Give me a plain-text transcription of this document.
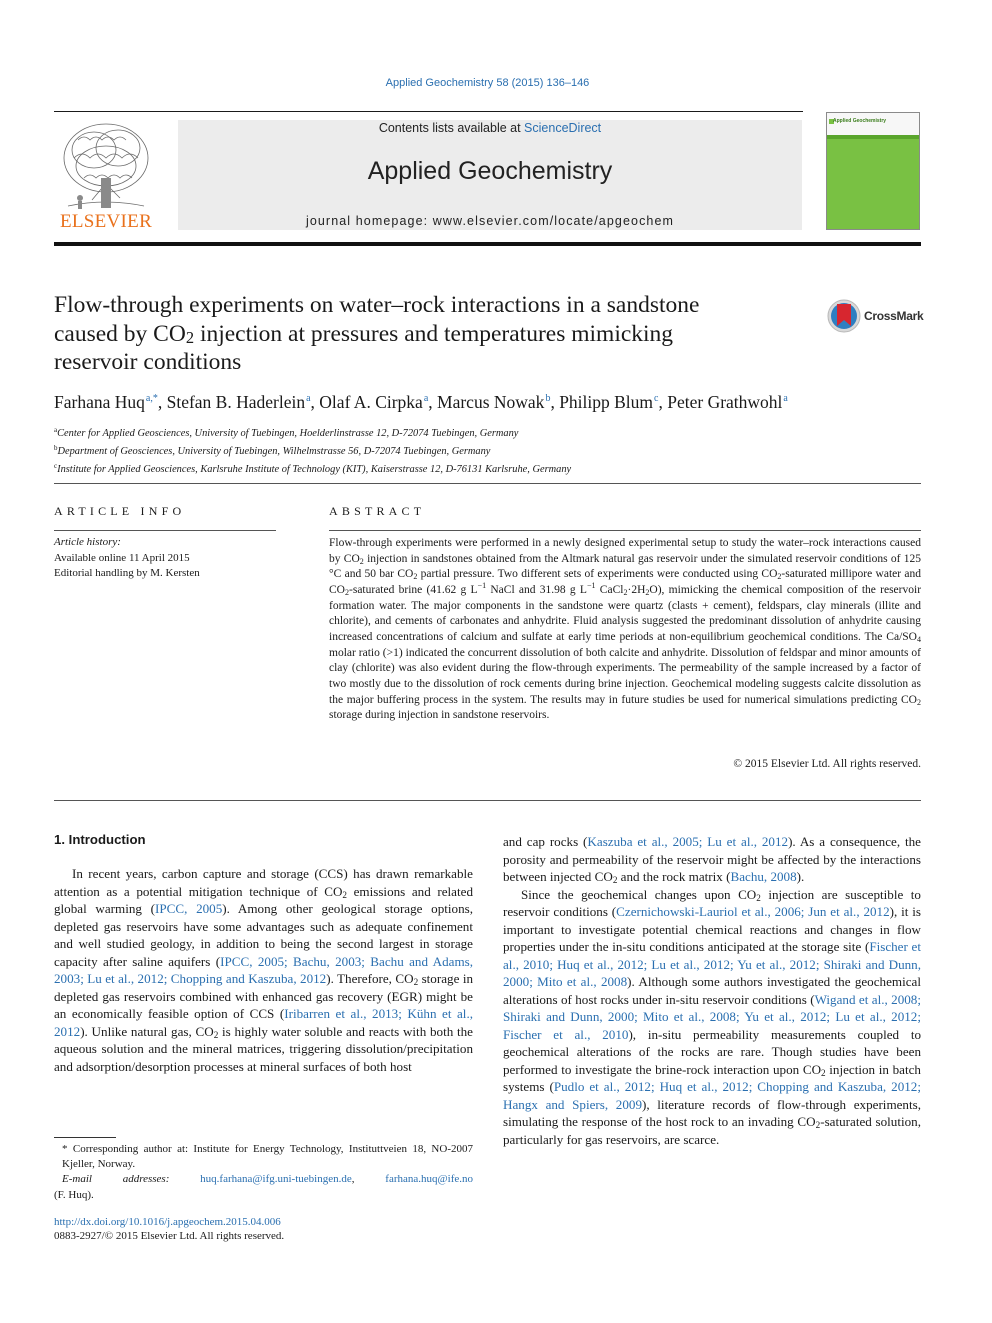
Applied Geochemistry 58 (2015) 136–146
ELSEVIER
Contents lists available at ScienceDirect
Applied Geochemistry
journal homepage: www.elsevier.com/locate/apgeochem
Applied Geochemistry
Flow-through experiments on water–rock interactions in a sandstone
caused by $CO_2$ injection at pressures and temperatures mimicking
reservoir conditions
CrossMark
Farhana Huq$^{a,*}$, Stefan B. Haderlein$^a$, Olaf A. Cirpka$^a$, Marcus Nowak$^b$, Philipp Blum$^c$, Peter Grathwohl$^a$
$^a$Center for Applied Geosciences, University of Tuebingen, Hoelderlinstrasse 12, D-72074 Tuebingen, Germany
$^b$Department of Geosciences, University of Tuebingen, Wilhelmstrasse 56, D-72074 Tuebingen, Germany
$^c$Institute for Applied Geosciences, Karlsruhe Institute of Technology (KIT), Kaiserstrasse 12, D-76131 Karlsruhe, Germany
ARTICLE INFO
Article history:
Available online 11 April 2015
Editorial handling by M. Kersten
ABSTRACT
Flow-through experiments were performed in a newly designed experimental setup to study the water–rock interactions caused by $CO_2$ injection in sandstones obtained from the Altmark natural gas reservoir under the simulated reservoir conditions of 125 °C and 50 bar $CO_2$ partial pressure. Two different sets of experiments were conducted using $CO_2$-saturated millipore water and $CO_2$-saturated brine (41.62 g $L^{-1}$ NaCl and 31.98 g $L^{-1}$ $CaCl_2\cdot 2H_2O$), mimicking the chemical composition of the reservoir formation water. The major components in the sandstone were quartz (clasts + cement), feldspars, clay minerals (illite and chlorite), and cements of carbonates and anhydrite. Fluid analysis suggested the predominant dissolution of anhydrite causing increased concentrations of calcium and sulfate at early time periods at non-equilibrium geochemical conditions. The $Ca/SO_4$ molar ratio (>1) indicated the concurrent dissolution of both calcite and anhydrite. Dissolution of feldspar and minor amounts of clay (chlorite) was also evident during the flow-through experiments. The permeability of the sample increased by a factor of two mostly due to the dissolution of rock cements during brine injection. Geochemical modeling suggests calcite dissolution as the major buffering process in the system. The results may in future studies be used for numerical simulations predicting $CO_2$ storage during injection in sandstone reservoirs.
© 2015 Elsevier Ltd. All rights reserved.
1. Introduction

In recent years, carbon capture and storage (CCS) has drawn remarkable attention as a potential mitigation technique of $CO_2$ emissions and related global warming (IPCC, 2005). Among other geological storage options, depleted gas reservoirs have some advantages such as adequate confinement and well studied geology, in addition to being the second largest in storage capacity after saline aquifers (IPCC, 2005; Bachu, 2003; Bachu and Adams, 2003; Lu et al., 2012; Chopping and Kaszuba, 2012). Therefore, $CO_2$ storage in depleted gas reservoirs combined with enhanced gas recovery (EGR) might be an economically feasible option of CCS (Iribarren et al., 2013; Kühn et al., 2012). Unlike natural gas, $CO_2$ is highly water soluble and reacts with both the aqueous solution and the mineral matrices, triggering dissolution/precipitation and adsorption/desorption processes at mineral surfaces of both host

and cap rocks (Kaszuba et al., 2005; Lu et al., 2012). As a consequence, the porosity and permeability of the reservoir might be affected by the interactions between injected $CO_2$ and the rock matrix (Bachu, 2008).

Since the geochemical changes upon $CO_2$ injection are susceptible to reservoir conditions (Czernichowski-Lauriol et al., 2006; Jun et al., 2012), it is important to investigate potential chemical reactions and changes in flow properties under the in-situ conditions anticipated at the storage site (Fischer et al., 2010; Huq et al., 2012; Lu et al., 2012; Yu et al., 2012; Shiraki and Dunn, 2000; Mito et al., 2008). Although some authors investigated the geochemical alterations of host rocks under in-situ reservoir conditions (Wigand et al., 2008; Shiraki and Dunn, 2000; Mito et al., 2008; Yu et al., 2012; Lu et al., 2012; Fischer et al., 2010), in-situ permeability measurements coupled to geochemical alterations of the rocks are rare. Though studies have been performed to investigate the brine-rock interaction upon $CO_2$ injection in batch systems (Pudlo et al., 2012; Huq et al., 2012; Chopping and Kaszuba, 2012; Hangx and Spiers, 2009), literature records of flow-through experiments, simulating the response of the host rock to an invading $CO_2$-saturated solution, particularly for gas reservoirs, are scarce.

* Corresponding author at: Institute for Energy Technology, Instituttveien 18, NO-2007 Kjeller, Norway.
E-mail addresses:	huq.farhana@ifg.uni-tuebingen.de, farhana.huq@ife.no
(F. Huq).
http://dx.doi.org/10.1016/j.apgeochem.2015.04.006
0883-2927/© 2015 Elsevier Ltd. All rights reserved.
